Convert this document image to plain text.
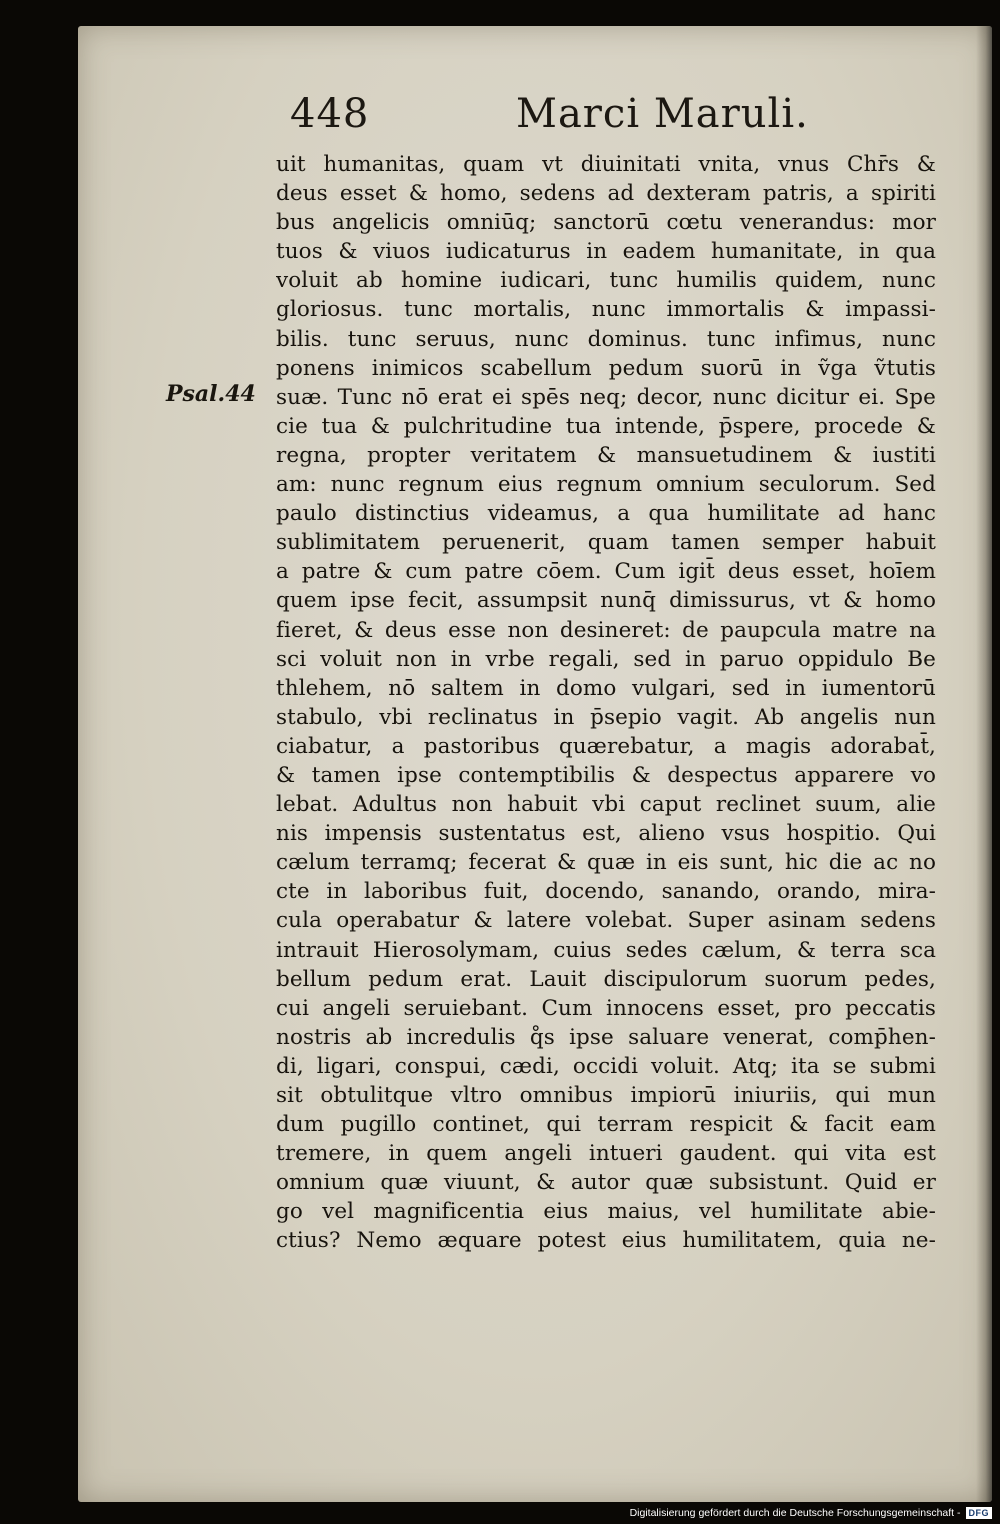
448	Marci Maruli.
Psal.44
uit humanitas, quam vt diuinitati vnita, vnus Chr̄s &
deus esset & homo, sedens ad dexteram patris, a spiriti
bus angelicis omniūq; sanctorū cœtu venerandus: mor
tuos & viuos iudicaturus in eadem humanitate, in qua
voluit ab homine iudicari, tunc humilis quidem, nunc
gloriosus. tunc mortalis, nunc immortalis & impassi-
bilis. tunc seruus, nunc dominus. tunc infimus, nunc
ponens inimicos scabellum pedum suorū in ṽga ṽtutis
suæ. Tunc nō erat ei spēs neq; decor, nunc dicitur ei. Spe
cie tua & pulchritudine tua intende, p̄spere, procede &
regna, propter veritatem & mansuetudinem & iustiti
am: nunc regnum eius regnum omnium seculorum. Sed
paulo distinctius videamus, a qua humilitate ad hanc
sublimitatem peruenerit, quam tamen semper habuit
a patre & cum patre cōem. Cum igit̄ deus esset, hoīem
quem ipse fecit, assumpsit nunq̄ dimissurus, vt & homo
fieret, & deus esse non desineret: de paupcula matre na
sci voluit non in vrbe regali, sed in paruo oppidulo Be
thlehem, nō saltem in domo vulgari, sed in iumentorū
stabulo, vbi reclinatus in p̄sepio vagit. Ab angelis nun
ciabatur, a pastoribus quærebatur, a magis adorabat̄,
& tamen ipse contemptibilis & despectus apparere vo
lebat. Adultus non habuit vbi caput reclinet suum, alie
nis impensis sustentatus est, alieno vsus hospitio. Qui
cælum terramq; fecerat & quæ in eis sunt, hic die ac no
cte in laboribus fuit, docendo, sanando, orando, mira-
cula operabatur & latere volebat. Super asinam sedens
intrauit Hierosolymam, cuius sedes cælum, & terra sca
bellum pedum erat. Lauit discipulorum suorum pedes,
cui angeli seruiebant. Cum innocens esset, pro peccatis
nostris ab incredulis q̊s ipse saluare venerat, comp̄hen-
di, ligari, conspui, cædi, occidi voluit. Atq; ita se submi
sit obtulitque vltro omnibus impiorū iniuriis, qui mun
dum pugillo continet, qui terram respicit & facit eam
tremere, in quem angeli intueri gaudent. qui vita est
omnium quæ viuunt, & autor quæ subsistunt. Quid er
go vel magnificentia eius maius, vel humilitate abie-
ctius? Nemo æquare potest eius humilitatem, quia ne-
Digitalisierung gefördert durch die Deutsche Forschungsgemeinschaft - DFG
